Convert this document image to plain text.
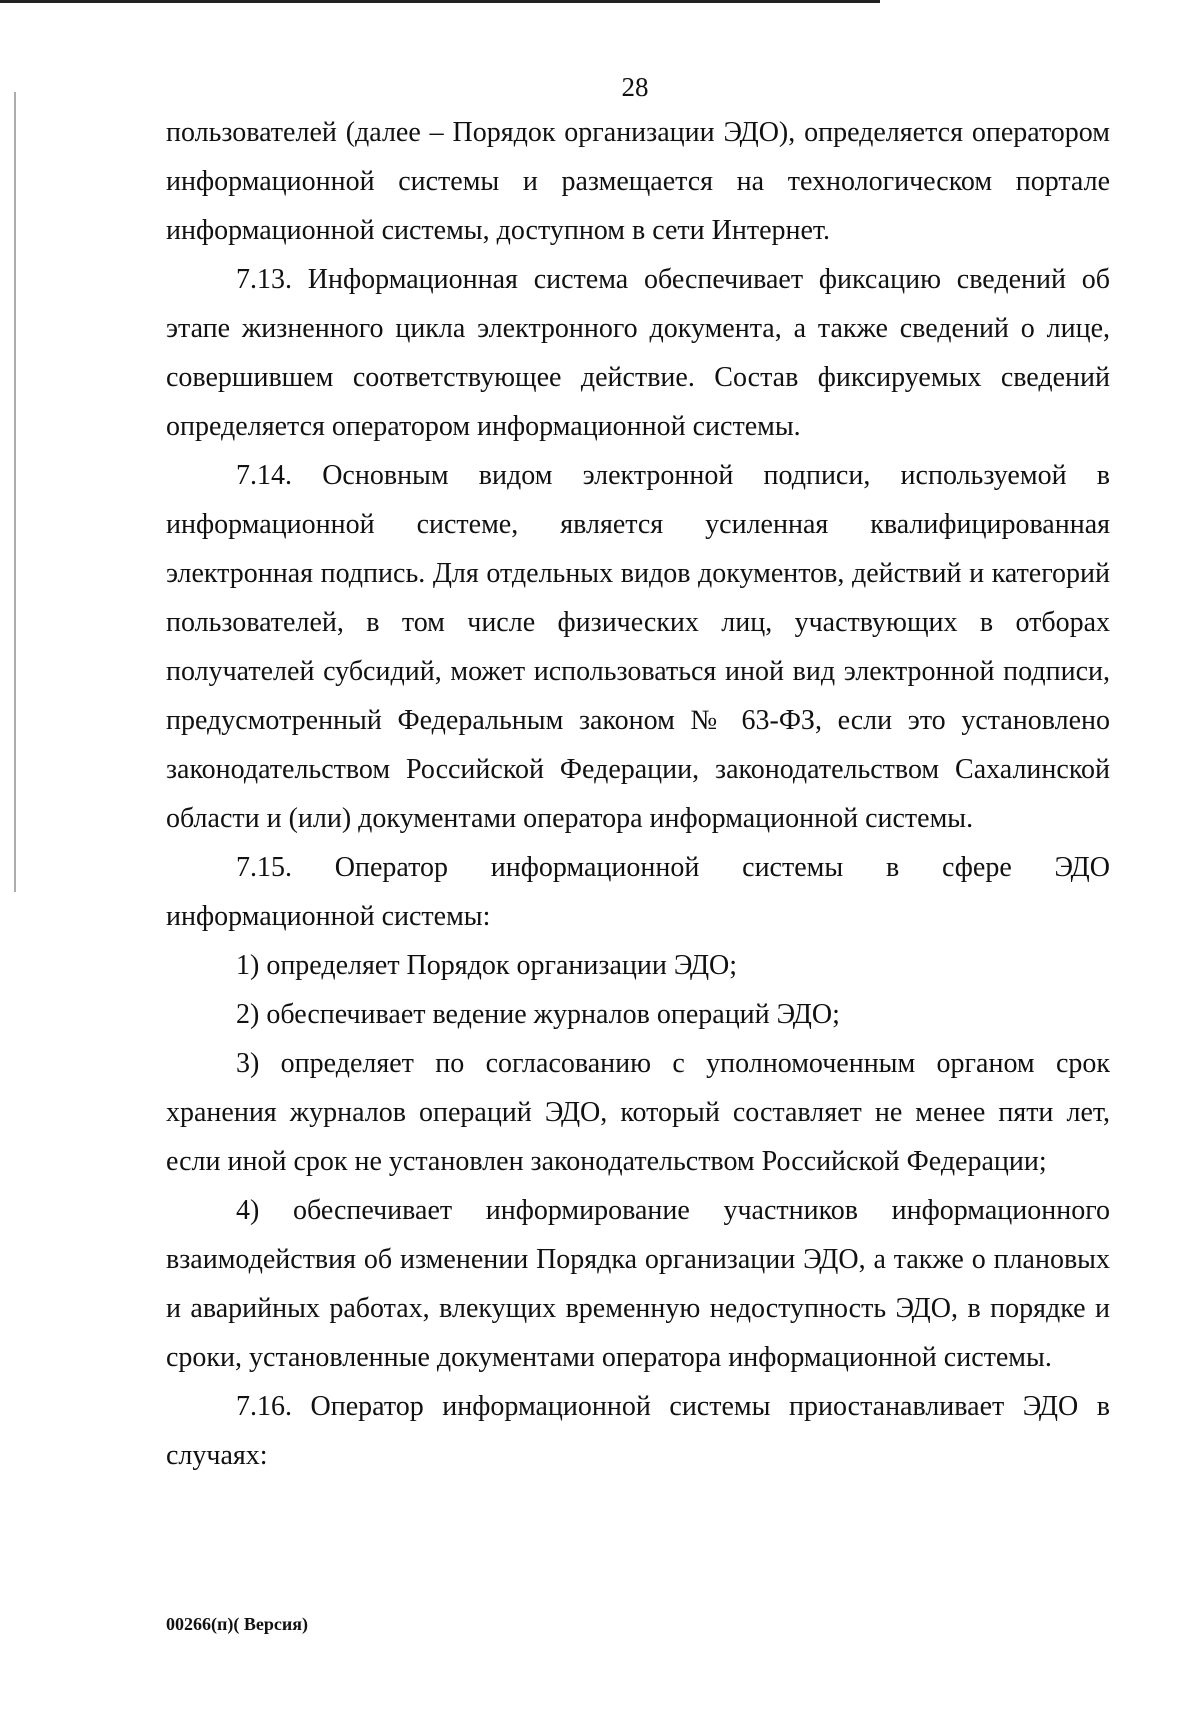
28
пользователей (далее – Порядок организации ЭДО), определяется оператором
информационной системы и размещается на технологическом портале
информационной системы, доступном в сети Интернет.
7.13. Информационная система обеспечивает фиксацию сведений об
этапе жизненного цикла электронного документа, а также сведений о лице,
совершившем соответствующее действие. Состав фиксируемых сведений
определяется оператором информационной системы.
7.14. Основным видом электронной подписи, используемой в
информационной системе, является усиленная квалифицированная
электронная подпись. Для отдельных видов документов, действий и категорий
пользователей, в том числе физических лиц, участвующих в отборах
получателей субсидий, может использоваться иной вид электронной подписи,
предусмотренный Федеральным законом № 63-ФЗ, если это установлено
законодательством Российской Федерации, законодательством Сахалинской
области и (или) документами оператора информационной системы.
7.15. Оператор информационной системы в сфере ЭДО
информационной системы:
1) определяет Порядок организации ЭДО;
2) обеспечивает ведение журналов операций ЭДО;
3) определяет по согласованию с уполномоченным органом срок
хранения журналов операций ЭДО, который составляет не менее пяти лет,
если иной срок не установлен законодательством Российской Федерации;
4) обеспечивает информирование участников информационного
взаимодействия об изменении Порядка организации ЭДО, а также о плановых
и аварийных работах, влекущих временную недоступность ЭДО, в порядке и
сроки, установленные документами оператора информационной системы.
7.16. Оператор информационной системы приостанавливает ЭДО в
случаях:
00266(п)( Версия)
